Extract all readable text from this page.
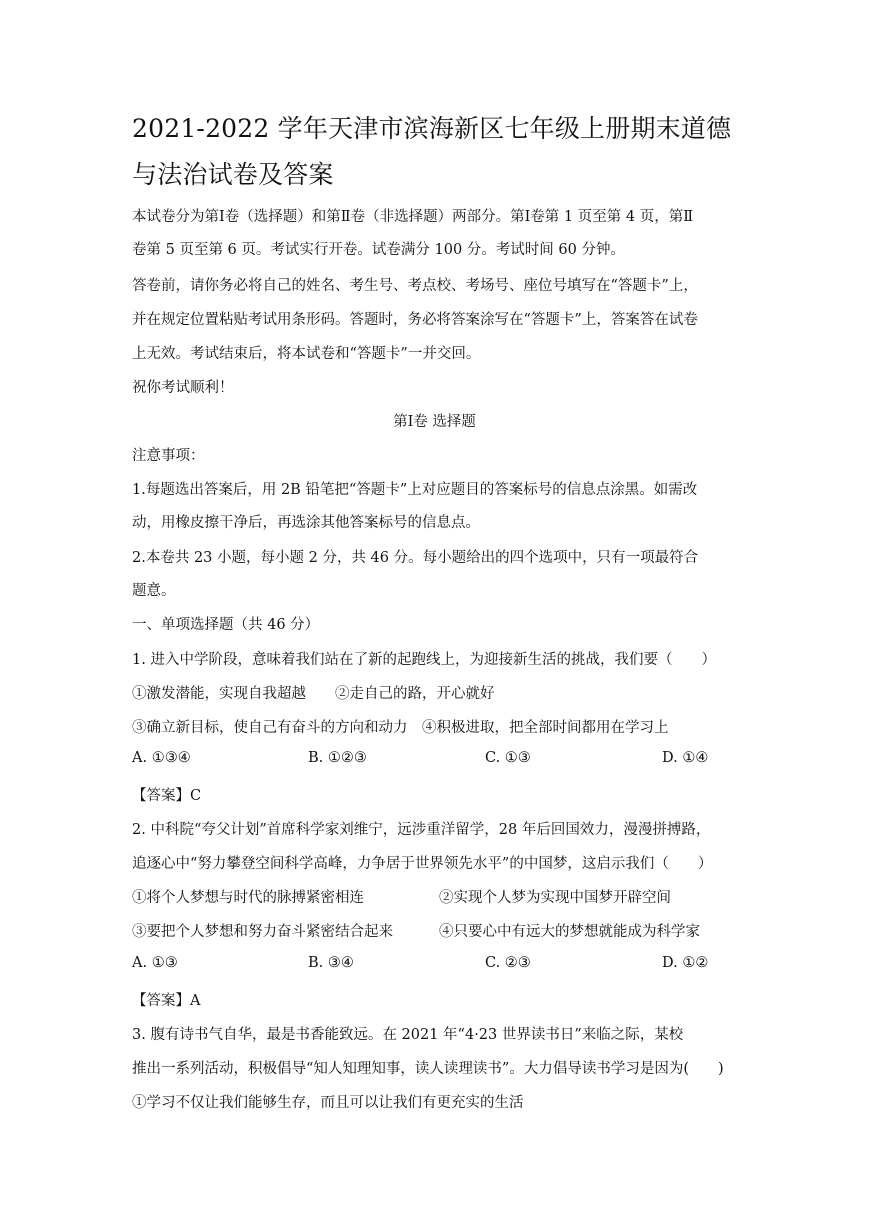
2021-2022 学年天津市滨海新区七年级上册期末道德与法治试卷及答案
本试卷分为第Ⅰ卷（选择题）和第Ⅱ卷（非选择题）两部分。第Ⅰ卷第 1 页至第 4 页，第Ⅱ
卷第 5 页至第 6 页。考试实行开卷。试卷满分 100 分。考试时间 60 分钟。
答卷前，请你务必将自己的姓名、考生号、考点校、考场号、座位号填写在“答题卡”上，
并在规定位置粘贴考试用条形码。答题时，务必将答案涂写在“答题卡”上，答案答在试卷
上无效。考试结束后，将本试卷和“答题卡”一并交回。
祝你考试顺利！
第Ⅰ卷 选择题
注意事项：
1.每题选出答案后，用 2B 铅笔把“答题卡”上对应题目的答案标号的信息点涂黑。如需改
动，用橡皮擦干净后，再选涂其他答案标号的信息点。
2.本卷共 23 小题，每小题 2 分，共 46 分。每小题给出的四个选项中，只有一项最符合
题意。
一、单项选择题（共 46 分）
1. 进入中学阶段，意味着我们站在了新的起跑线上，为迎接新生活的挑战，我们要（　　）
①激发潜能，实现自我超越　　②走自己的路，开心就好
③确立新目标，使自己有奋斗的方向和动力　④积极进取，把全部时间都用在学习上
A. ①③④	B. ①②③	C. ①③	D. ①④
【答案】C
2. 中科院“夸父计划”首席科学家刘维宁，远涉重洋留学，28 年后回国效力，漫漫拼搏路，
追逐心中“努力攀登空间科学高峰，力争居于世界领先水平”的中国梦，这启示我们（　　）
①将个人梦想与时代的脉搏紧密相连	②实现个人梦为实现中国梦开辟空间
③要把个人梦想和努力奋斗紧密结合起来	④只要心中有远大的梦想就能成为科学家
A. ①③	B. ③④	C. ②③	D. ①②
【答案】A
3. 腹有诗书气自华，最是书香能致远。在 2021 年“4·23 世界读书日”来临之际，某校
推出一系列活动，积极倡导“知人知理知事，读人读理读书”。大力倡导读书学习是因为(　　)
①学习不仅让我们能够生存，而且可以让我们有更充实的生活
